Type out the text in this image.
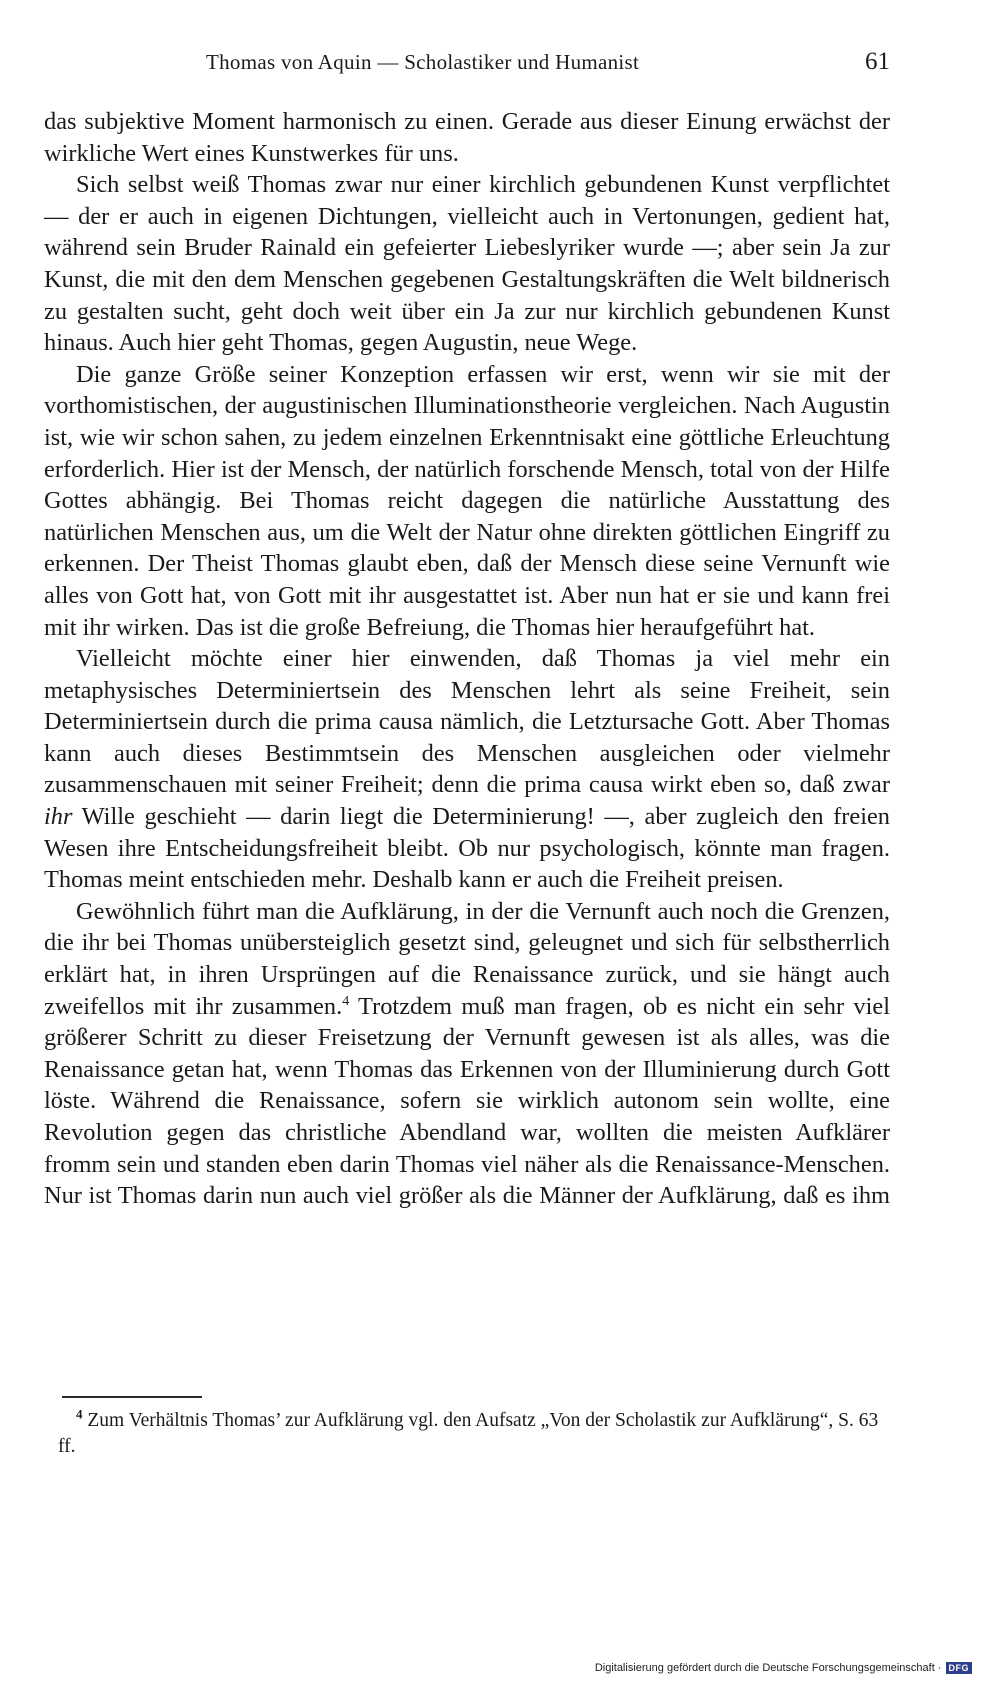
Thomas von Aquin — Scholastiker und Humanist	61

das subjektive Moment harmonisch zu einen. Gerade aus dieser Einung erwächst der wirkliche Wert eines Kunstwerkes für uns.

Sich selbst weiß Thomas zwar nur einer kirchlich gebundenen Kunst verpflichtet — der er auch in eigenen Dichtungen, vielleicht auch in Vertonungen, gedient hat, während sein Bruder Rainald ein gefeierter Liebeslyriker wurde —; aber sein Ja zur Kunst, die mit den dem Menschen gegebenen Gestaltungskräften die Welt bildnerisch zu gestalten sucht, geht doch weit über ein Ja zur nur kirchlich gebundenen Kunst hinaus. Auch hier geht Thomas, gegen Augustin, neue Wege.

Die ganze Größe seiner Konzeption erfassen wir erst, wenn wir sie mit der vorthomistischen, der augustinischen Illuminationstheorie vergleichen. Nach Augustin ist, wie wir schon sahen, zu jedem einzelnen Erkenntnisakt eine göttliche Erleuchtung erforderlich. Hier ist der Mensch, der natürlich forschende Mensch, total von der Hilfe Gottes abhängig. Bei Thomas reicht dagegen die natürliche Ausstattung des natürlichen Menschen aus, um die Welt der Natur ohne direkten göttlichen Eingriff zu erkennen. Der Theist Thomas glaubt eben, daß der Mensch diese seine Vernunft wie alles von Gott hat, von Gott mit ihr ausgestattet ist. Aber nun hat er sie und kann frei mit ihr wirken. Das ist die große Befreiung, die Thomas hier heraufgeführt hat.

Vielleicht möchte einer hier einwenden, daß Thomas ja viel mehr ein metaphysisches Determiniertsein des Menschen lehrt als seine Freiheit, sein Determiniertsein durch die prima causa nämlich, die Letztursache Gott. Aber Thomas kann auch dieses Bestimmtsein des Menschen ausgleichen oder vielmehr zusammenschauen mit seiner Freiheit; denn die prima causa wirkt eben so, daß zwar ihr Wille geschieht — darin liegt die Determinierung! —, aber zugleich den freien Wesen ihre Entscheidungsfreiheit bleibt. Ob nur psychologisch, könnte man fragen. Thomas meint entschieden mehr. Deshalb kann er auch die Freiheit preisen.

Gewöhnlich führt man die Aufklärung, in der die Vernunft auch noch die Grenzen, die ihr bei Thomas unübersteiglich gesetzt sind, geleugnet und sich für selbstherrlich erklärt hat, in ihren Ursprüngen auf die Renaissance zurück, und sie hängt auch zweifellos mit ihr zusammen.$^4$ Trotzdem muß man fragen, ob es nicht ein sehr viel größerer Schritt zu dieser Freisetzung der Vernunft gewesen ist als alles, was die Renaissance getan hat, wenn Thomas das Erkennen von der Illuminierung durch Gott löste. Während die Renaissance, sofern sie wirklich autonom sein wollte, eine Revolution gegen das christliche Abendland war, wollten die meisten Aufklärer fromm sein und standen eben darin Thomas viel näher als die Renaissance-Menschen. Nur ist Thomas darin nun auch viel größer als die Männer der Aufklärung, daß es ihm

$^4$ Zum Verhältnis Thomas’ zur Aufklärung vgl. den Aufsatz „Von der Scholastik zur Aufklärung“, S. 63 ff.

Digitalisierung gefördert durch die Deutsche Forschungsgemeinschaft · DFG
